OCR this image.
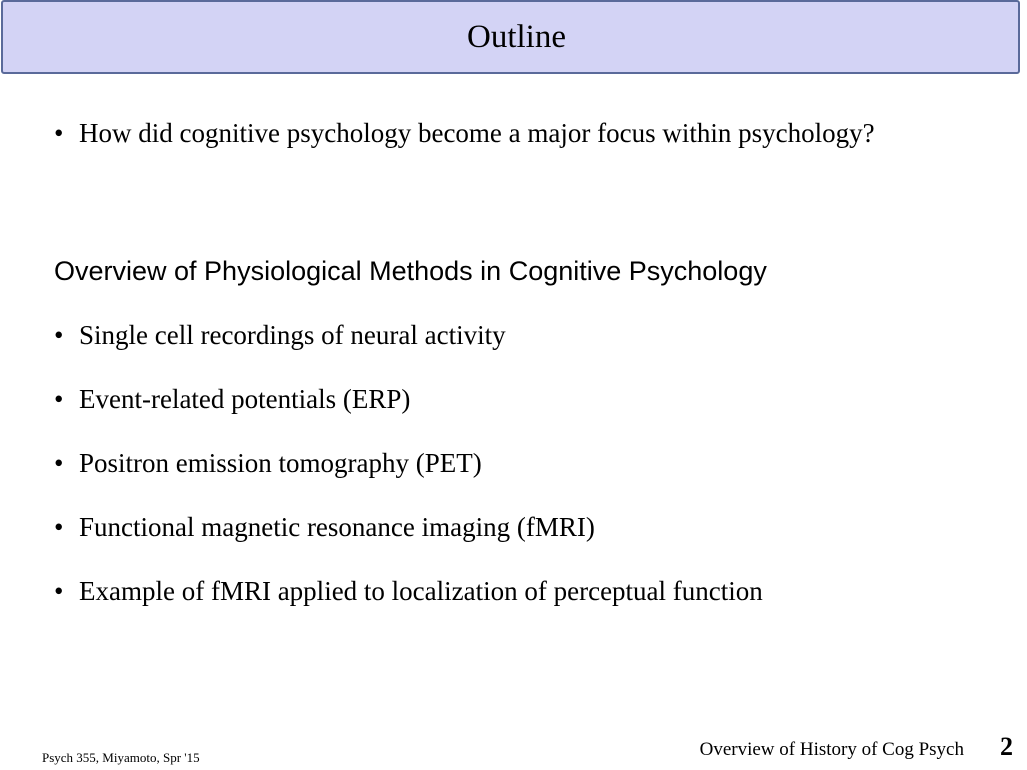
Outline
• How did cognitive psychology become a major focus within psychology?
Overview of Physiological Methods in Cognitive Psychology
• Single cell recordings of neural activity
• Event-related potentials (ERP)
• Positron emission tomography (PET)
• Functional magnetic resonance imaging (fMRI)
• Example of fMRI applied to localization of perceptual function
Psych 355, Miyamoto, Spr '15	Overview of History of Cog Psych 2
